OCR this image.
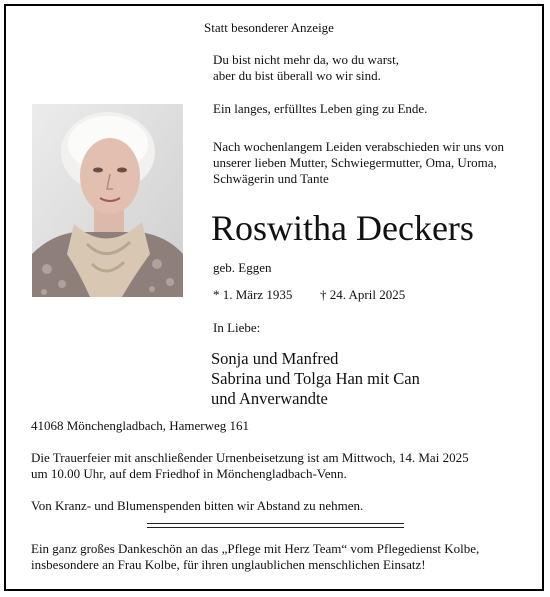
Statt besonderer Anzeige
Du bist nicht mehr da, wo du warst,
aber du bist überall wo wir sind.
Ein langes, erfülltes Leben ging zu Ende.
Nach wochenlangem Leiden verabschieden wir uns von
unserer lieben Mutter, Schwiegermutter, Oma, Uroma,
Schwägerin und Tante
Roswitha Deckers
geb. Eggen
* 1. März 1935 † 24. April 2025
In Liebe:
Sonja und Manfred
Sabrina und Tolga Han mit Can
und Anverwandte
41068 Mönchengladbach, Hamerweg 161
Die Trauerfeier mit anschließender Urnenbeisetzung ist am Mittwoch, 14. Mai 2025
um 10.00 Uhr, auf dem Friedhof in Mönchengladbach-Venn.
Von Kranz- und Blumenspenden bitten wir Abstand zu nehmen.
Ein ganz großes Dankeschön an das „Pflege mit Herz Team“ vom Pflegedienst Kolbe,
insbesondere an Frau Kolbe, für ihren unglaublichen menschlichen Einsatz!
